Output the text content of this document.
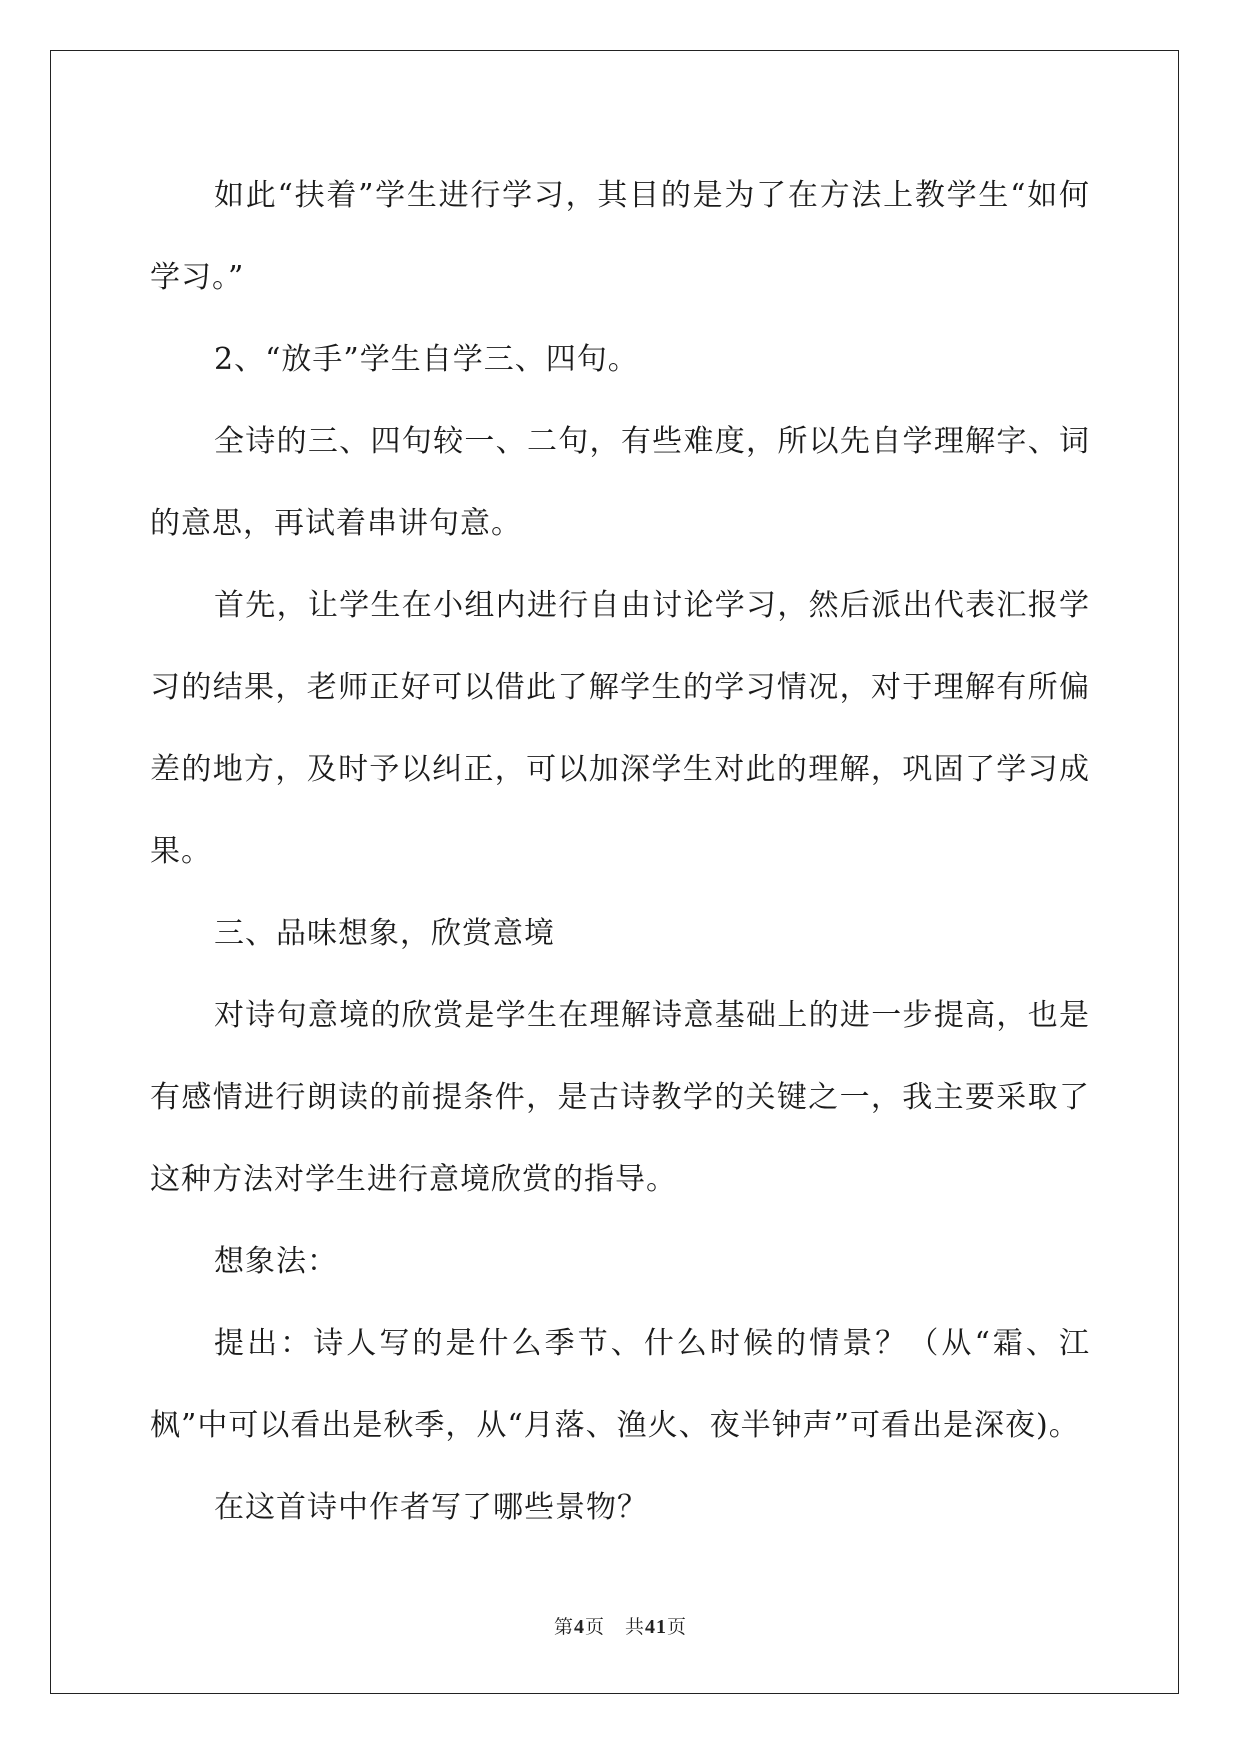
如此“扶着”学生进行学习，其目的是为了在方法上教学生“如何学习。”

2、“放手”学生自学三、四句。

全诗的三、四句较一、二句，有些难度，所以先自学理解字、词的意思，再试着串讲句意。

首先，让学生在小组内进行自由讨论学习，然后派出代表汇报学习的结果，老师正好可以借此了解学生的学习情况，对于理解有所偏差的地方，及时予以纠正，可以加深学生对此的理解，巩固了学习成果。

三、品味想象，欣赏意境

对诗句意境的欣赏是学生在理解诗意基础上的进一步提高，也是有感情进行朗读的前提条件，是古诗教学的关键之一，我主要采取了这种方法对学生进行意境欣赏的指导。

想象法：

提出：诗人写的是什么季节、什么时候的情景？（从“霜、江枫”中可以看出是秋季，从“月落、渔火、夜半钟声”可看出是深夜)。

在这首诗中作者写了哪些景物？

第4页 共41页
